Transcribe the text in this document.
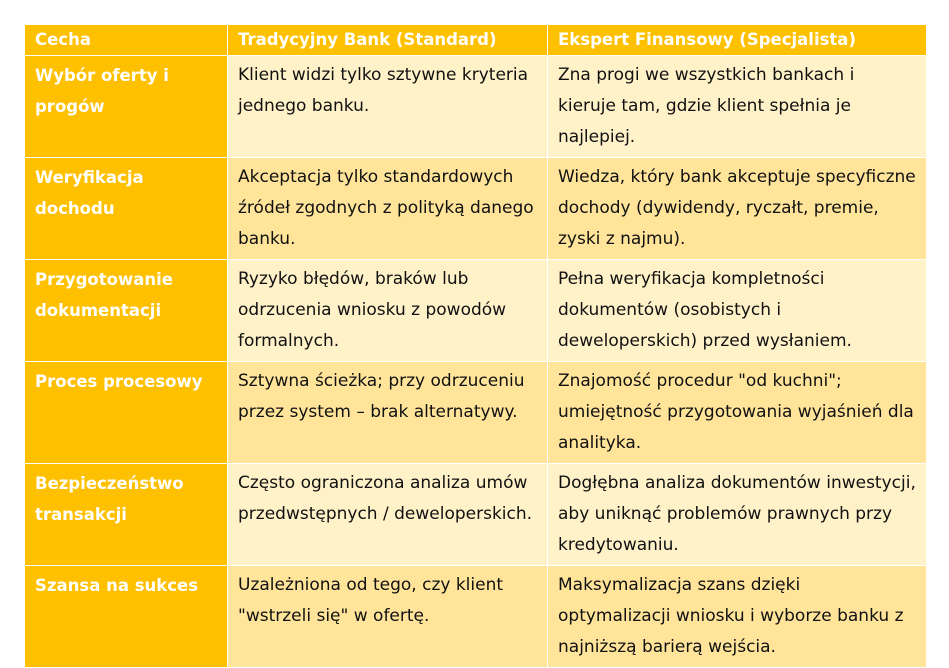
Cecha	Tradycyjny Bank (Standard)	Ekspert Finansowy (Specjalista)
Wybór oferty i progów	Klient widzi tylko sztywne kryteria jednego banku.	Zna progi we wszystkich bankach i kieruje tam, gdzie klient spełnia je najlepiej.
Weryfikacja dochodu	Akceptacja tylko standardowych źródeł zgodnych z polityką danego banku.	Wiedza, który bank akceptuje specyficzne dochody (dywidendy, ryczałt, premie, zyski z najmu).
Przygotowanie dokumentacji	Ryzyko błędów, braków lub odrzucenia wniosku z powodów formalnych.	Pełna weryfikacja kompletności dokumentów (osobistych i deweloperskich) przed wysłaniem.
Proces procesowy	Sztywna ścieżka; przy odrzuceniu przez system – brak alternatywy.	Znajomość procedur "od kuchni"; umiejętność przygotowania wyjaśnień dla analityka.
Bezpieczeństwo transakcji	Często ograniczona analiza umów przedwstępnych / deweloperskich.	Dogłębna analiza dokumentów inwestycji, aby uniknąć problemów prawnych przy kredytowaniu.
Szansa na sukces	Uzależniona od tego, czy klient "wstrzeli się" w ofertę.	Maksymalizacja szans dzięki optymalizacji wniosku i wyborze banku z najniższą barierą wejścia.
